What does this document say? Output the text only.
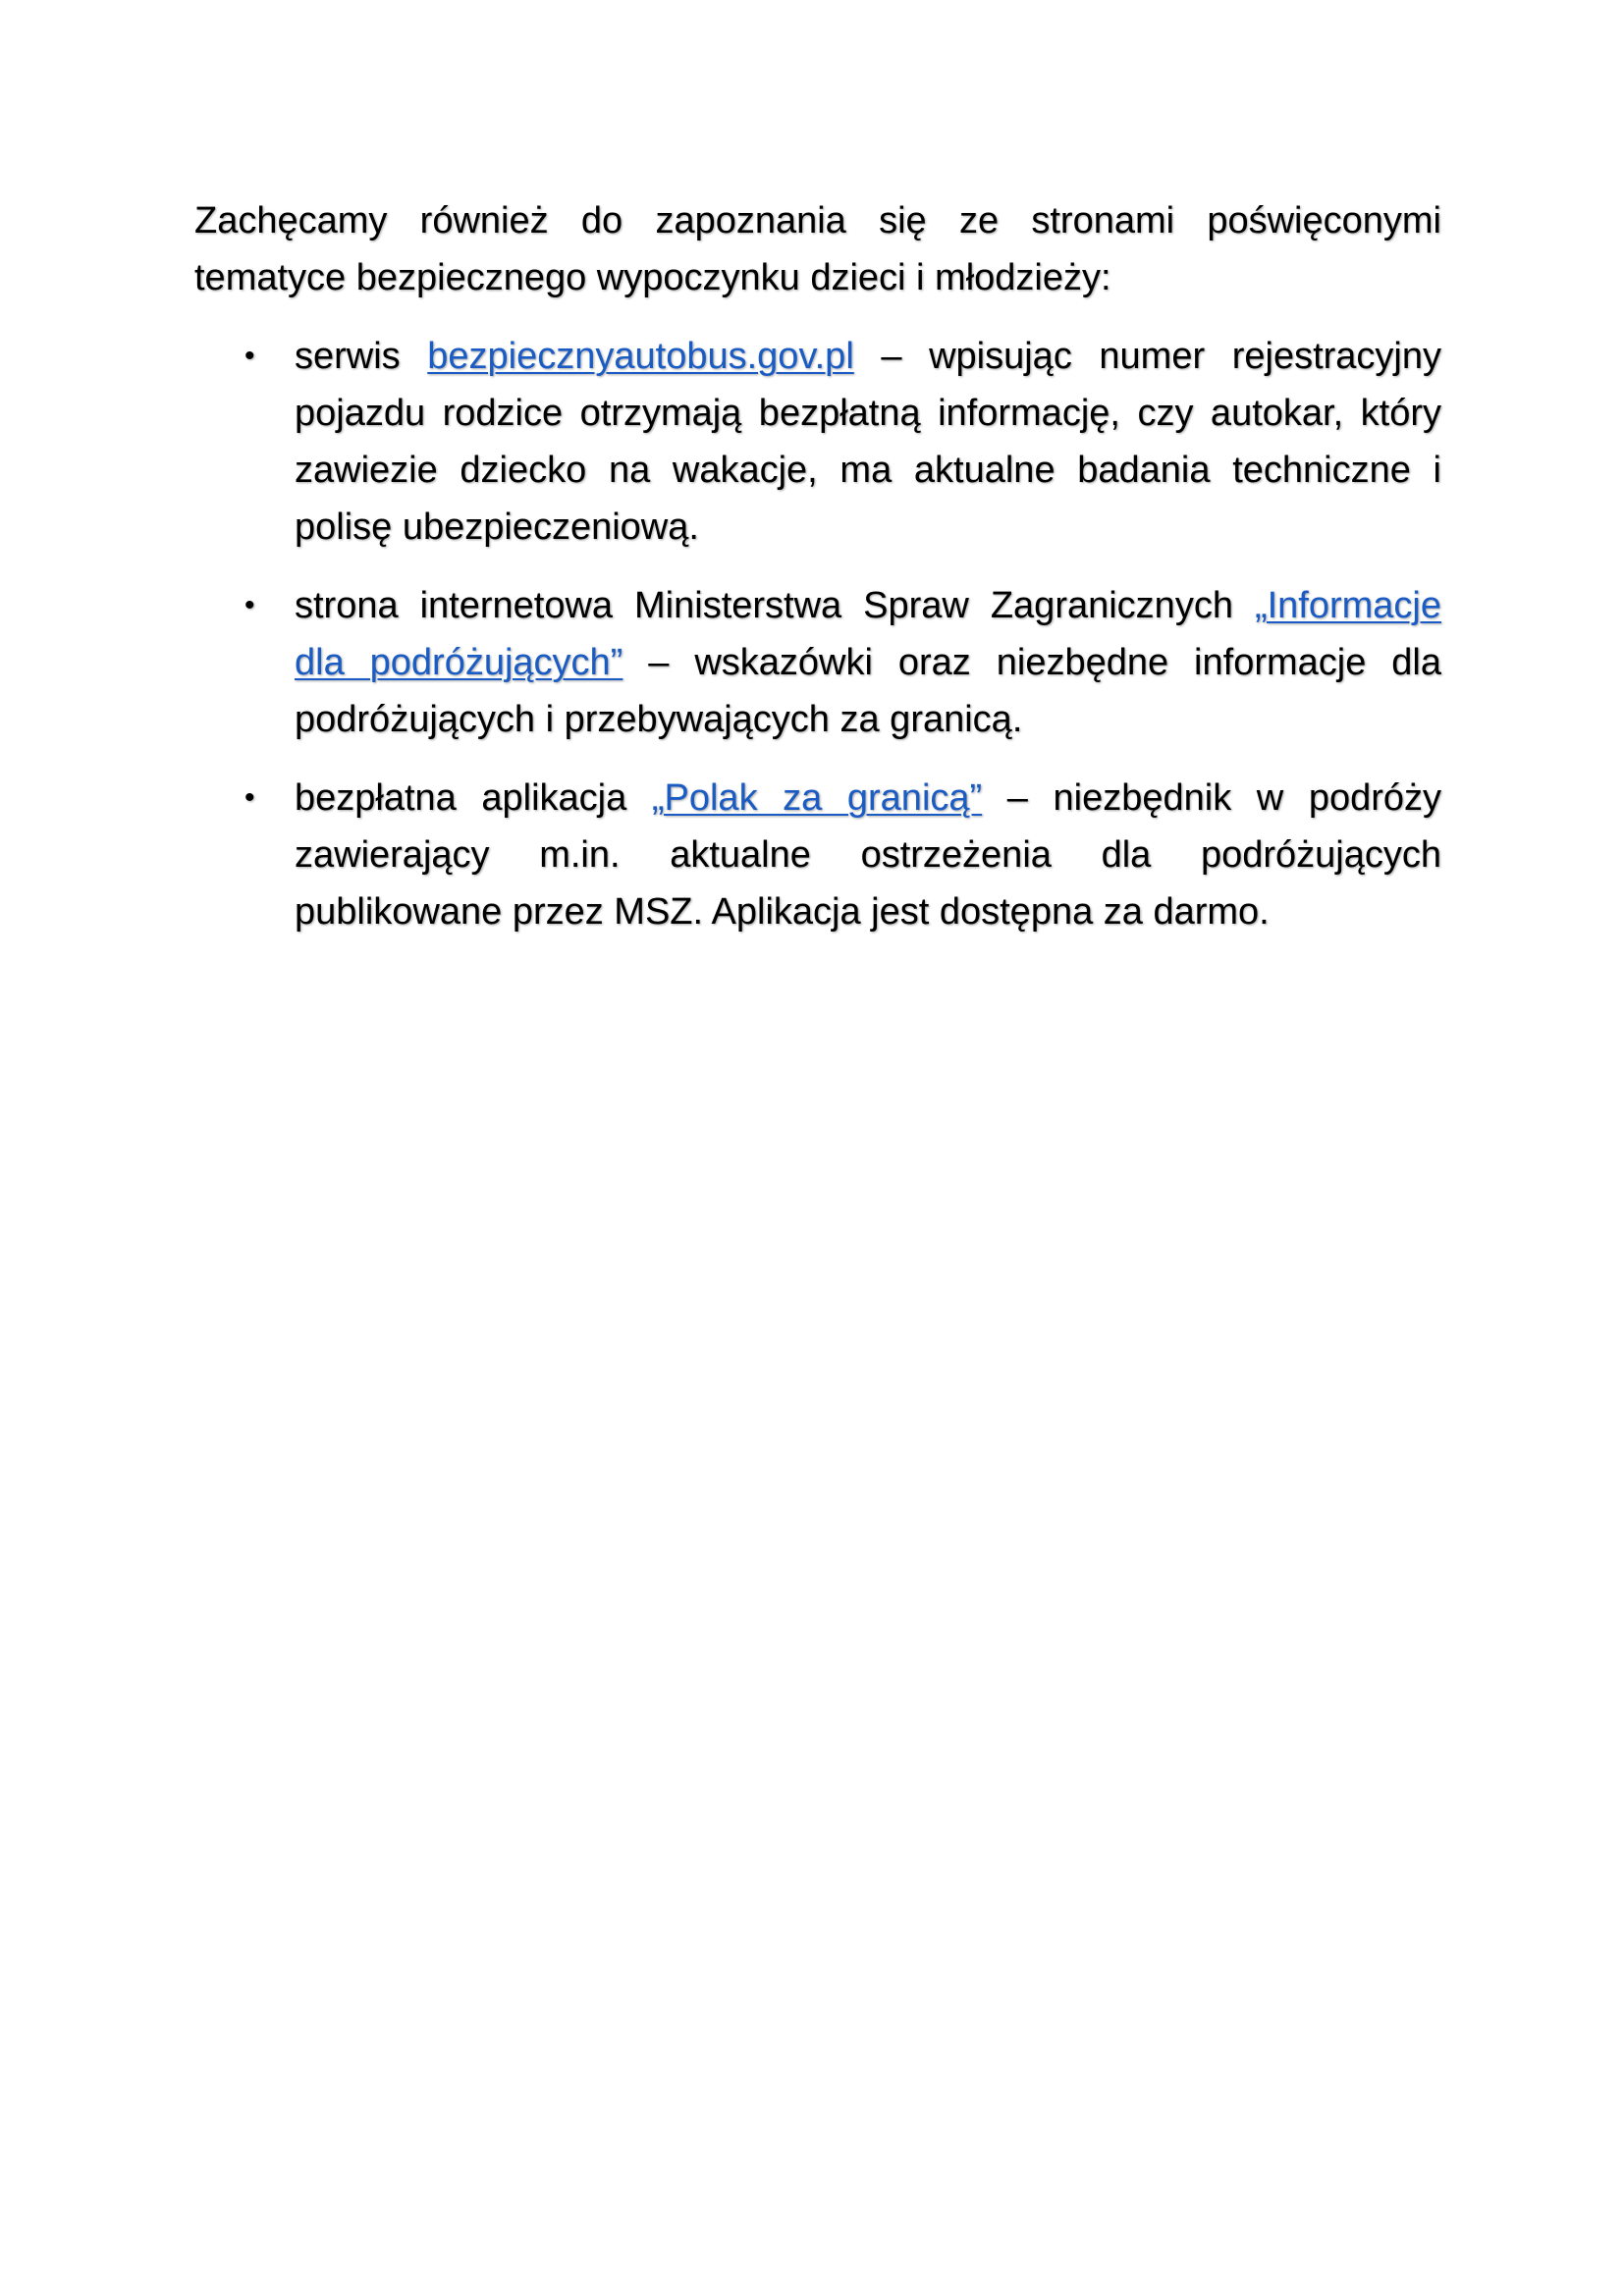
Zachęcamy również do zapoznania się ze stronami poświęconymi tematyce bezpiecznego wypoczynku dzieci i młodzieży:

• serwis bezpiecznyautobus.gov.pl – wpisując numer rejestracyjny pojazdu rodzice otrzymają bezpłatną informację, czy autokar, który zawiezie dziecko na wakacje, ma aktualne badania techniczne i polisę ubezpieczeniową.
• strona internetowa Ministerstwa Spraw Zagranicznych „Informacje dla podróżujących” – wskazówki oraz niezbędne informacje dla podróżujących i przebywających za granicą.
• bezpłatna aplikacja „Polak za granicą” – niezbędnik w podróży zawierający m.in. aktualne ostrzeżenia dla podróżujących publikowane przez MSZ. Aplikacja jest dostępna za darmo.
